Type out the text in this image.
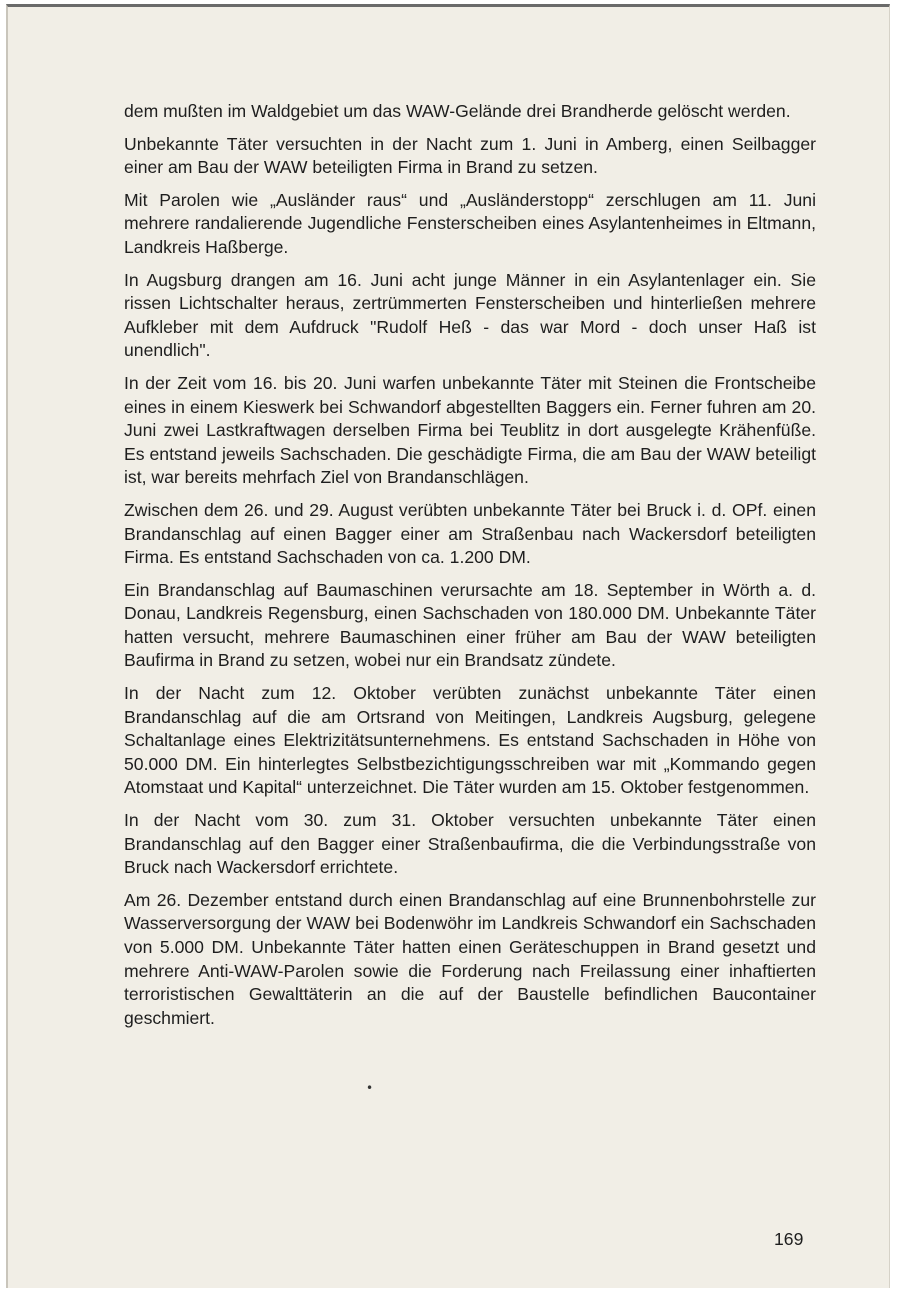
dem mußten im Waldgebiet um das WAW-Gelände drei Brandherde gelöscht werden.

Unbekannte Täter versuchten in der Nacht zum 1. Juni in Amberg, einen Seilbagger einer am Bau der WAW beteiligten Firma in Brand zu setzen.

Mit Parolen wie „Ausländer raus“ und „Ausländerstopp“ zerschlugen am 11. Juni mehrere randalierende Jugendliche Fensterscheiben eines Asylantenheimes in Eltmann, Landkreis Haßberge.

In Augsburg drangen am 16. Juni acht junge Männer in ein Asylantenlager ein. Sie rissen Lichtschalter heraus, zertrümmerten Fensterscheiben und hinterließen mehrere Aufkleber mit dem Aufdruck "Rudolf Heß - das war Mord - doch unser Haß ist unendlich".

In der Zeit vom 16. bis 20. Juni warfen unbekannte Täter mit Steinen die Frontscheibe eines in einem Kieswerk bei Schwandorf abgestellten Baggers ein. Ferner fuhren am 20. Juni zwei Lastkraftwagen derselben Firma bei Teublitz in dort ausgelegte Krähenfüße. Es entstand jeweils Sachschaden. Die geschädigte Firma, die am Bau der WAW beteiligt ist, war bereits mehrfach Ziel von Brandanschlägen.

Zwischen dem 26. und 29. August verübten unbekannte Täter bei Bruck i. d. OPf. einen Brandanschlag auf einen Bagger einer am Straßenbau nach Wackersdorf beteiligten Firma. Es entstand Sachschaden von ca. 1.200 DM.

Ein Brandanschlag auf Baumaschinen verursachte am 18. September in Wörth a. d. Donau, Landkreis Regensburg, einen Sachschaden von 180.000 DM. Unbekannte Täter hatten versucht, mehrere Baumaschinen einer früher am Bau der WAW beteiligten Baufirma in Brand zu setzen, wobei nur ein Brandsatz zündete.

In der Nacht zum 12. Oktober verübten zunächst unbekannte Täter einen Brandanschlag auf die am Ortsrand von Meitingen, Landkreis Augsburg, gelegene Schaltanlage eines Elektrizitätsunternehmens. Es entstand Sachschaden in Höhe von 50.000 DM. Ein hinterlegtes Selbstbezichtigungsschreiben war mit „Kommando gegen Atomstaat und Kapital“ unterzeichnet. Die Täter wurden am 15. Oktober festgenommen.

In der Nacht vom 30. zum 31. Oktober versuchten unbekannte Täter einen Brandanschlag auf den Bagger einer Straßenbaufirma, die die Verbindungsstraße von Bruck nach Wackersdorf errichtete.

Am 26. Dezember entstand durch einen Brandanschlag auf eine Brunnenbohrstelle zur Wasserversorgung der WAW bei Bodenwöhr im Landkreis Schwandorf ein Sachschaden von 5.000 DM. Unbekannte Täter hatten einen Geräteschuppen in Brand gesetzt und mehrere Anti-WAW-Parolen sowie die Forderung nach Freilassung einer inhaftierten terroristischen Gewalttäterin an die auf der Baustelle befindlichen Baucontainer geschmiert.

•
169
